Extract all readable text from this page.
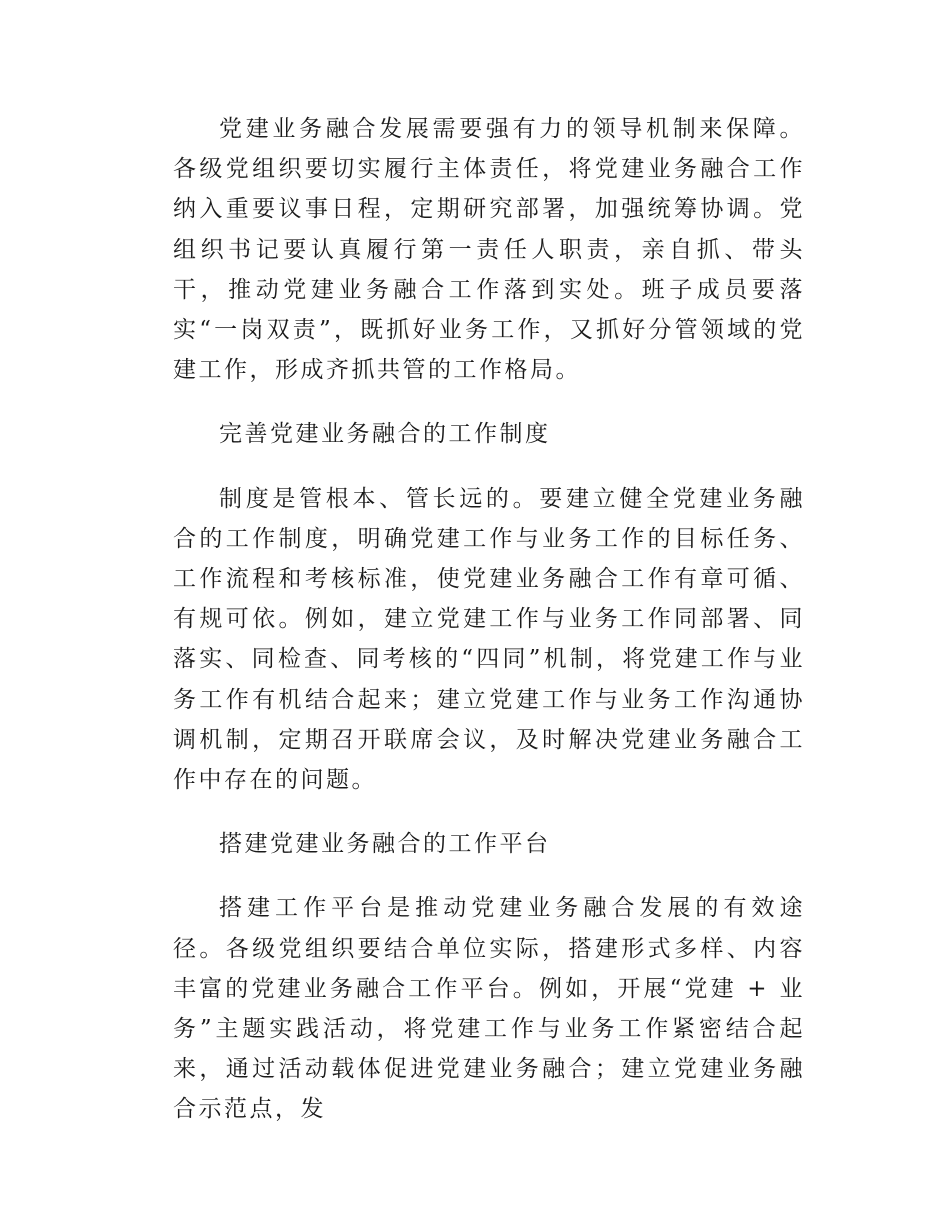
党建业务融合发展需要强有力的领导机制来保障。各级党组织要切实履行主体责任，将党建业务融合工作纳入重要议事日程，定期研究部署，加强统筹协调。党组织书记要认真履行第一责任人职责，亲自抓、带头干，推动党建业务融合工作落到实处。班子成员要落实“一岗双责”，既抓好业务工作，又抓好分管领域的党建工作，形成齐抓共管的工作格局。

完善党建业务融合的工作制度

制度是管根本、管长远的。要建立健全党建业务融合的工作制度，明确党建工作与业务工作的目标任务、工作流程和考核标准，使党建业务融合工作有章可循、有规可依。例如，建立党建工作与业务工作同部署、同落实、同检查、同考核的“四同”机制，将党建工作与业务工作有机结合起来；建立党建工作与业务工作沟通协调机制，定期召开联席会议，及时解决党建业务融合工作中存在的问题。

搭建党建业务融合的工作平台

搭建工作平台是推动党建业务融合发展的有效途径。各级党组织要结合单位实际，搭建形式多样、内容丰富的党建业务融合工作平台。例如，开展“党建 + 业务”主题实践活动，将党建工作与业务工作紧密结合起来，通过活动载体促进党建业务融合；建立党建业务融合示范点，发
